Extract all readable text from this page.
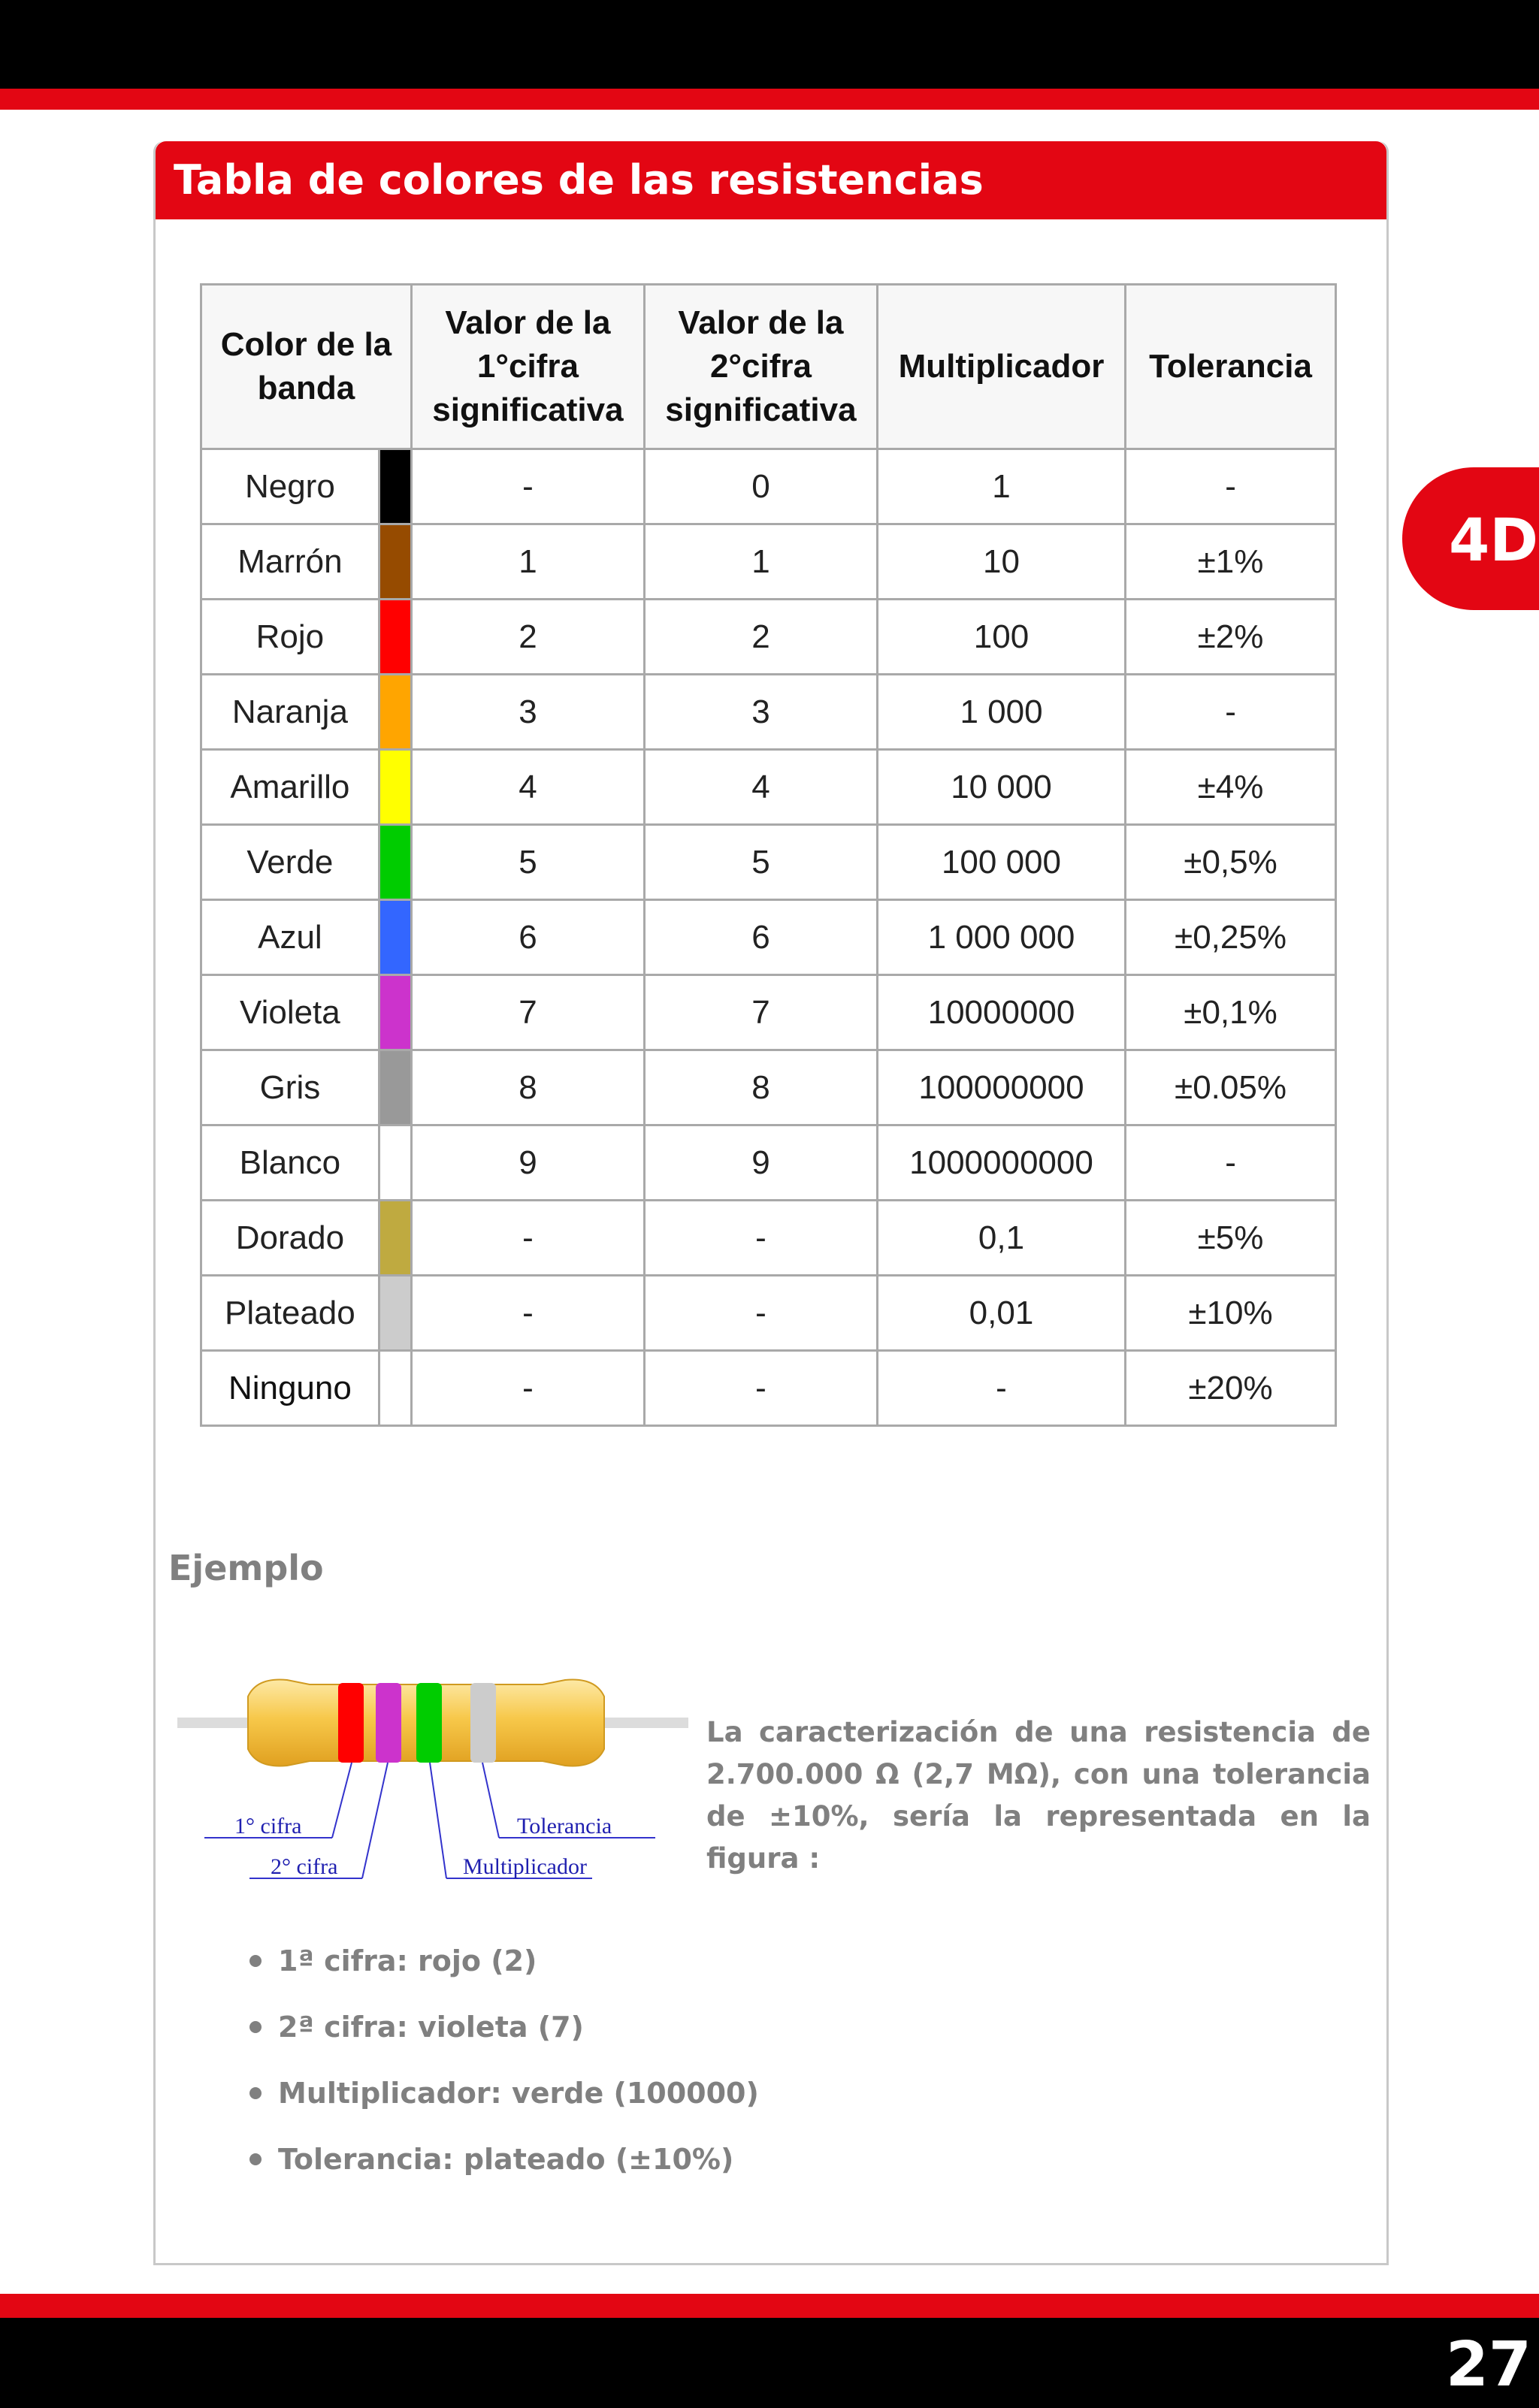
4D
Tabla de colores de las resistencias
Color de la
banda		Valor de la
1°cifra
significativa	Valor de la
2°cifra
significativa	Multiplicador	Tolerancia
Negro		-	0	1	-
Marrón		1	1	10	±1%
Rojo		2	2	100	±2%
Naranja		3	3	1 000	-
Amarillo		4	4	10 000	±4%
Verde		5	5	100 000	±0,5%
Azul		6	6	1 000 000	±0,25%
Violeta		7	7	10000000	±0,1%
Gris		8	8	100000000	±0.05%
Blanco		9	9	1000000000	-
Dorado		-	-	0,1	±5%
Plateado		-	-	0,01	±10%
Ninguno		-	-	-	±20%
Ejemplo
1° cifra
2° cifra
Tolerancia
Multiplicador
La caracterización de una resistencia de 2.700.000 Ω (2,7 MΩ), con una tolerancia de ±10%, sería la representada en la figura :
1ª cifra: rojo (2)
2ª cifra: violeta (7)
Multiplicador: verde (100000)
Tolerancia: plateado (±10%)
27
